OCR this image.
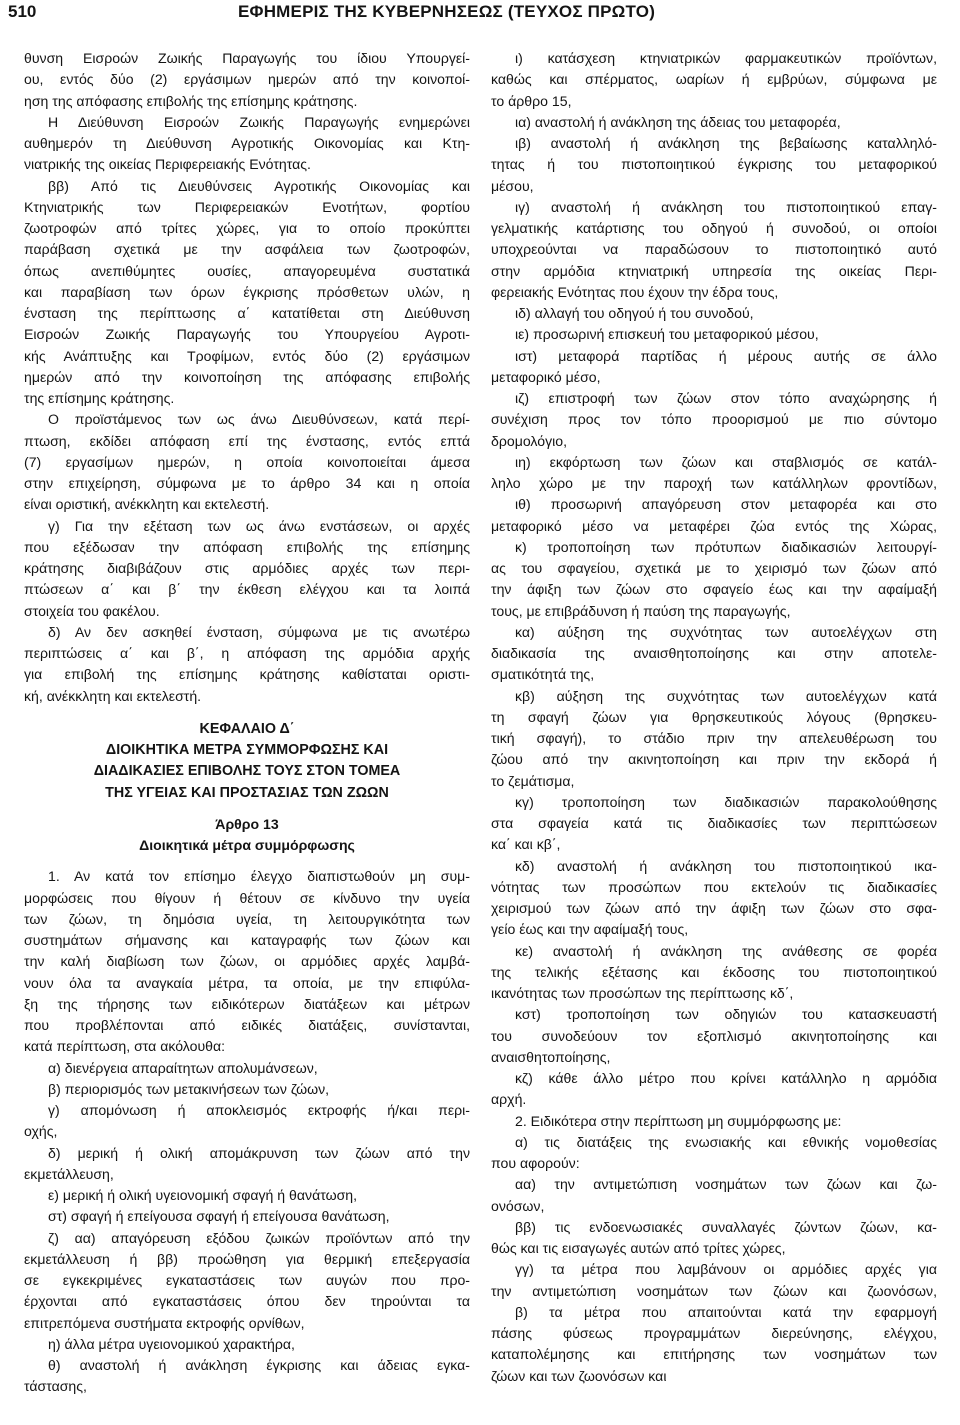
510	ΕΦΗΜΕΡΙΣ ΤΗΣ ΚΥΒΕΡΝΗΣΕΩΣ (ΤΕΥΧΟΣ ΠΡΩΤΟ)
θυνση Εισροών Ζωικής Παραγωγής του ίδιου Υπουργεί-
ου, εντός δύο (2) εργάσιμων ημερών από την κοινοποί-
ηση της απόφασης επιβολής της επίσημης κράτησης.
Η Διεύθυνση Εισροών Ζωικής Παραγωγής ενημερώνει
αυθημερόν τη Διεύθυνση Αγροτικής Οικονομίας και Κτη-
νιατρικής της οικείας Περιφερειακής Ενότητας.
ββ) Από τις Διευθύνσεις Αγροτικής Οικονομίας και
Κτηνιατρικής των Περιφερειακών Ενοτήτων, φορτίου
ζωοτροφών από τρίτες χώρες, για το οποίο προκύπτει
παράβαση σχετικά με την ασφάλεια των ζωοτροφών,
όπως ανεπιθύμητες ουσίες, απαγορευμένα συστατικά
και παραβίαση των όρων έγκρισης πρόσθετων υλών, η
ένσταση της περίπτωσης α΄ κατατίθεται στη Διεύθυνση
Εισροών Ζωικής Παραγωγής του Υπουργείου Αγροτι-
κής Ανάπτυξης και Τροφίμων, εντός δύο (2) εργάσιμων
ημερών από την κοινοποίηση της απόφασης επιβολής
της επίσημης κράτησης.
Ο προϊστάμενος των ως άνω Διευθύνσεων, κατά περί-
πτωση, εκδίδει απόφαση επί της ένστασης, εντός επτά
(7) εργασίμων ημερών, η οποία κοινοποιείται άμεσα
στην επιχείρηση, σύμφωνα με το άρθρο 34 και η οποία
είναι οριστική, ανέκκλητη και εκτελεστή.
γ) Για την εξέταση των ως άνω ενστάσεων, οι αρχές
που εξέδωσαν την απόφαση επιβολής της επίσημης
κράτησης διαβιβάζουν στις αρμόδιες αρχές των περι-
πτώσεων α΄ και β΄ την έκθεση ελέγχου και τα λοιπά
στοιχεία του φακέλου.
δ) Αν δεν ασκηθεί ένσταση, σύμφωνα με τις ανωτέρω
περιπτώσεις α΄ και β΄, η απόφαση της αρμόδια αρχής
για επιβολή της επίσημης κράτησης καθίσταται οριστι-
κή, ανέκκλητη και εκτελεστή.
ΚΕΦΑΛΑΙΟ Δ΄
ΔΙΟΙΚΗΤΙΚΑ ΜΕΤΡΑ ΣΥΜΜΟΡΦΩΣΗΣ ΚΑΙ
ΔΙΑΔΙΚΑΣΙΕΣ ΕΠΙΒΟΛΗΣ ΤΟΥΣ ΣΤΟΝ ΤΟΜΕΑ
ΤΗΣ ΥΓΕΙΑΣ ΚΑΙ ΠΡΟΣΤΑΣΙΑΣ ΤΩΝ ΖΩΩΝ
Άρθρο 13
Διοικητικά μέτρα συμμόρφωσης
1. Αν κατά τον επίσημο έλεγχο διαπιστωθούν μη συμ-
μορφώσεις που θίγουν ή θέτουν σε κίνδυνο την υγεία
των ζώων, τη δημόσια υγεία, τη λειτουργικότητα των
συστημάτων σήμανσης και καταγραφής των ζώων και
την καλή διαβίωση των ζώων, οι αρμόδιες αρχές λαμβά-
νουν όλα τα αναγκαία μέτρα, τα οποία, με την επιφύλα-
ξη της τήρησης των ειδικότερων διατάξεων και μέτρων
που προβλέπονται από ειδικές διατάξεις, συνίστανται,
κατά περίπτωση, στα ακόλουθα:
α) διενέργεια απαραίτητων απολυμάνσεων,
β) περιορισμός των μετακινήσεων των ζώων,
γ) απομόνωση ή αποκλεισμός εκτροφής ή/και περι-
οχής,
δ) μερική ή ολική απομάκρυνση των ζώων από την
εκμετάλλευση,
ε) μερική ή ολική υγειονομική σφαγή ή θανάτωση,
στ) σφαγή ή επείγουσα σφαγή ή επείγουσα θανάτωση,
ζ) αα) απαγόρευση εξόδου ζωικών προϊόντων από την
εκμετάλλευση ή ββ) προώθηση για θερμική επεξεργασία
σε εγκεκριμένες εγκαταστάσεις των αυγών που προ-
έρχονται από εγκαταστάσεις όπου δεν τηρούνται τα
επιτρεπόμενα συστήματα εκτροφής ορνίθων,
η) άλλα μέτρα υγειονομικού χαρακτήρα,
θ) αναστολή ή ανάκληση έγκρισης και άδειας εγκα-
τάστασης,
ι) κατάσχεση κτηνιατρικών φαρμακευτικών προϊόντων,
καθώς και σπέρματος, ωαρίων ή εμβρύων, σύμφωνα με
το άρθρο 15,
ια) αναστολή ή ανάκληση της άδειας του μεταφορέα,
ιβ) αναστολή ή ανάκληση της βεβαίωσης καταλληλό-
τητας ή του πιστοποιητικού έγκρισης του μεταφορικού
μέσου,
ιγ) αναστολή ή ανάκληση του πιστοποιητικού επαγ-
γελματικής κατάρτισης του οδηγού ή συνοδού, οι οποίοι
υποχρεούνται να παραδώσουν το πιστοποιητικό αυτό
στην αρμόδια κτηνιατρική υπηρεσία της οικείας Περι-
φερειακής Ενότητας που έχουν την έδρα τους,
ιδ) αλλαγή του οδηγού ή του συνοδού,
ιε) προσωρινή επισκευή του μεταφορικού μέσου,
ιστ) μεταφορά παρτίδας ή μέρους αυτής σε άλλο
μεταφορικό μέσο,
ιζ) επιστροφή των ζώων στον τόπο αναχώρησης ή
συνέχιση προς τον τόπο προορισμού με πιο σύντομο
δρομολόγιο,
ιη) εκφόρτωση των ζώων και σταβλισμός σε κατάλ-
ληλο χώρο με την παροχή των κατάλληλων φροντίδων,
ιθ) προσωρινή απαγόρευση στον μεταφορέα και στο
μεταφορικό μέσο να μεταφέρει ζώα εντός της Χώρας,
κ) τροποποίηση των πρότυπων διαδικασιών λειτουργί-
ας του σφαγείου, σχετικά με το χειρισμό των ζώων από
την άφιξη των ζώων στο σφαγείο έως και την αφαίμαξή
τους, με επιβράδυνση ή παύση της παραγωγής,
κα) αύξηση της συχνότητας των αυτοελέγχων στη
διαδικασία της αναισθητοποίησης και στην αποτελε-
σματικότητά της,
κβ) αύξηση της συχνότητας των αυτοελέγχων κατά
τη σφαγή ζώων για θρησκευτικούς λόγους (θρησκευ-
τική σφαγή), το στάδιο πριν την απελευθέρωση του
ζώου από την ακινητοποίηση και πριν την εκδορά ή
το ζεμάτισμα,
κγ) τροποποίηση των διαδικασιών παρακολούθησης
στα σφαγεία κατά τις διαδικασίες των περιπτώσεων
κα΄ και κβ΄,
κδ) αναστολή ή ανάκληση του πιστοποιητικού ικα-
νότητας των προσώπων που εκτελούν τις διαδικασίες
χειρισμού των ζώων από την άφιξη των ζώων στο σφα-
γείο έως και την αφαίμαξή τους,
κε) αναστολή ή ανάκληση της ανάθεσης σε φορέα
της τελικής εξέτασης και έκδοσης του πιστοποιητικού
ικανότητας των προσώπων της περίπτωσης κδ΄,
κστ) τροποποίηση των οδηγιών του κατασκευαστή
του συνοδεύουν τον εξοπλισμό ακινητοποίησης και
αναισθητοποίησης,
κζ) κάθε άλλο μέτρο που κρίνει κατάλληλο η αρμόδια
αρχή.
2. Ειδικότερα στην περίπτωση μη συμμόρφωσης με:
α) τις διατάξεις της ενωσιακής και εθνικής νομοθεσίας
που αφορούν:
αα) την αντιμετώπιση νοσημάτων των ζώων και ζω-
ονόσων,
ββ) τις ενδοενωσιακές συναλλαγές ζώντων ζώων, κα-
θώς και τις εισαγωγές αυτών από τρίτες χώρες,
γγ) τα μέτρα που λαμβάνουν οι αρμόδιες αρχές για
την αντιμετώπιση νοσημάτων των ζώων και ζωονόσων,
β) τα μέτρα που απαιτούνται κατά την εφαρμογή
πάσης φύσεως προγραμμάτων διερεύνησης, ελέγχου,
καταπολέμησης και επιτήρησης των νοσημάτων των
ζώων και των ζωονόσων και
